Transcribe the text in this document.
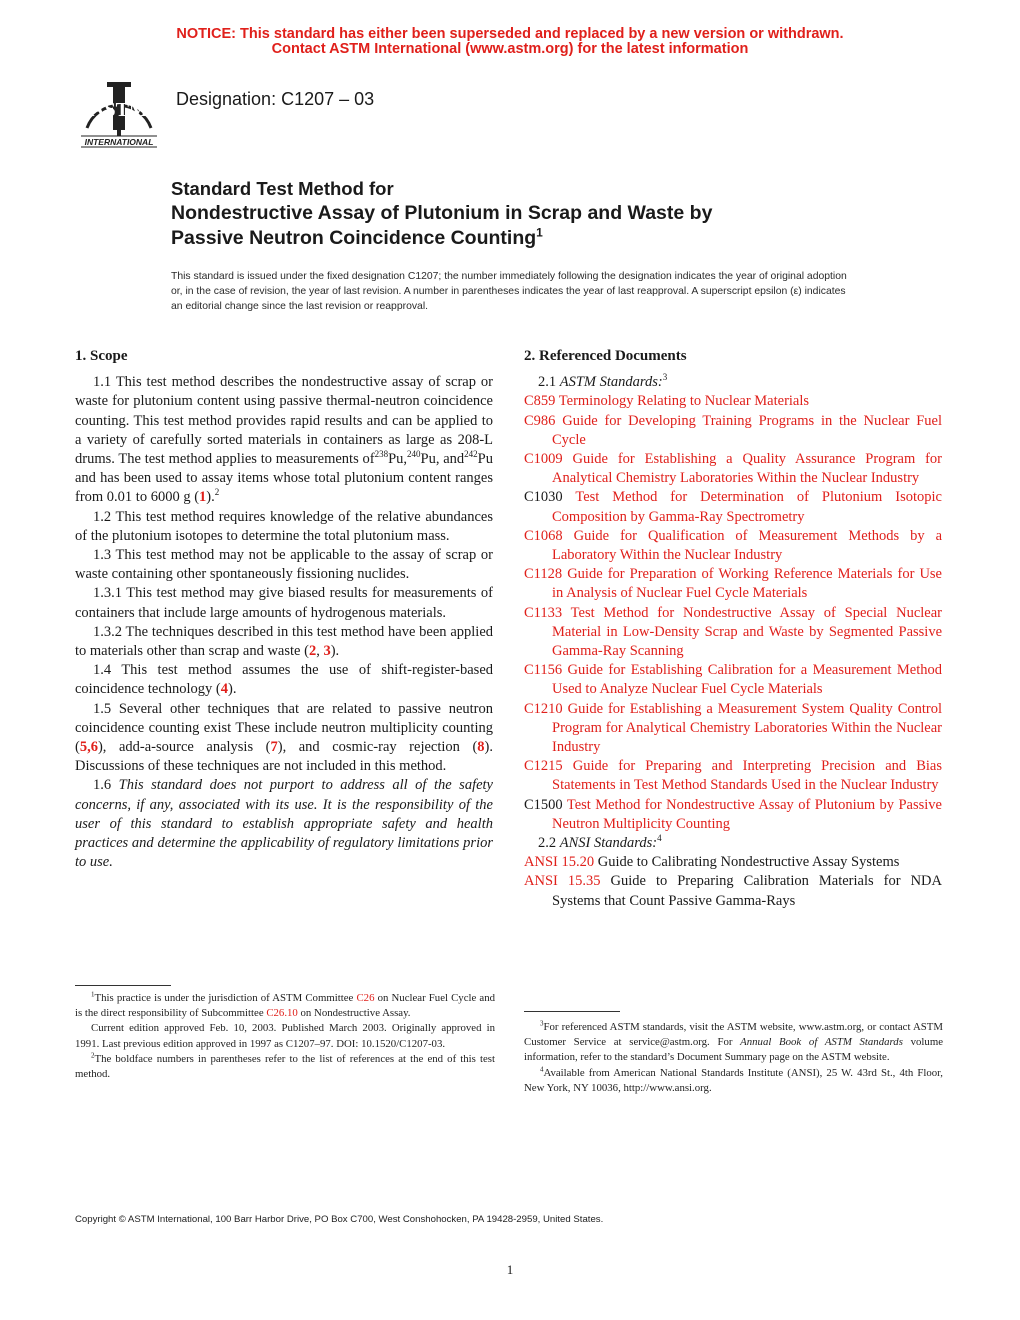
NOTICE: This standard has either been superseded and replaced by a new version or withdrawn.
Contact ASTM International (www.astm.org) for the latest information
ASTM
INTERNATIONAL
Designation: C1207 – 03
Standard Test Method for
Nondestructive Assay of Plutonium in Scrap and Waste by
Passive Neutron Coincidence Counting$^1$
This standard is issued under the fixed designation C1207; the number immediately following the designation indicates the year of original adoption or, in the case of revision, the year of last revision. A number in parentheses indicates the year of last reapproval. A superscript epsilon (ε) indicates an editorial change since the last revision or reapproval.
1. Scope

1.1 This test method describes the nondestructive assay of scrap or waste for plutonium content using passive thermal-neutron coincidence counting. This test method provides rapid results and can be applied to a variety of carefully sorted materials in containers as large as 208-L drums. The test method applies to measurements $of^{238}Pu,^{240}Pu$, and$^{242}$Pu and has been used to assay items whose total plutonium content ranges from 0.01 to 6000 g (1).$^2$

1.2 This test method requires knowledge of the relative abundances of the plutonium isotopes to determine the total plutonium mass.

1.3 This test method may not be applicable to the assay of scrap or waste containing other spontaneously fissioning nuclides.

1.3.1 This test method may give biased results for measurements of containers that include large amounts of hydrogenous materials.

1.3.2 The techniques described in this test method have been applied to materials other than scrap and waste (2, 3).

1.4 This test method assumes the use of shift-register-based coincidence technology (4).

1.5 Several other techniques that are related to passive neutron coincidence counting exist These include neutron multiplicity counting (5,6), add-a-source analysis (7), and cosmic-ray rejection (8). Discussions of these techniques are not included in this method.

1.6 This standard does not purport to address all of the safety concerns, if any, associated with its use. It is the responsibility of the user of this standard to establish appropriate safety and health practices and determine the applicability of regulatory limitations prior to use.

2. Referenced Documents

2.1 ASTM Standards:$^3$

C859 Terminology Relating to Nuclear Materials

C986 Guide for Developing Training Programs in the Nuclear Fuel Cycle

C1009 Guide for Establishing a Quality Assurance Program for Analytical Chemistry Laboratories Within the Nuclear Industry

C1030 Test Method for Determination of Plutonium Isotopic Composition by Gamma-Ray Spectrometry

C1068 Guide for Qualification of Measurement Methods by a Laboratory Within the Nuclear Industry

C1128 Guide for Preparation of Working Reference Materials for Use in Analysis of Nuclear Fuel Cycle Materials

C1133 Test Method for Nondestructive Assay of Special Nuclear Material in Low-Density Scrap and Waste by Segmented Passive Gamma-Ray Scanning

C1156 Guide for Establishing Calibration for a Measurement Method Used to Analyze Nuclear Fuel Cycle Materials

C1210 Guide for Establishing a Measurement System Quality Control Program for Analytical Chemistry Laboratories Within the Nuclear Industry

C1215 Guide for Preparing and Interpreting Precision and Bias Statements in Test Method Standards Used in the Nuclear Industry

C1500 Test Method for Nondestructive Assay of Plutonium by Passive Neutron Multiplicity Counting

2.2 ANSI Standards:$^4$

ANSI 15.20 Guide to Calibrating Nondestructive Assay Systems

ANSI 15.35 Guide to Preparing Calibration Materials for NDA Systems that Count Passive Gamma-Rays

$^1$This practice is under the jurisdiction of ASTM Committee C26 on Nuclear Fuel Cycle and is the direct responsibility of Subcommittee C26.10 on Nondestructive Assay.

Current edition approved Feb. 10, 2003. Published March 2003. Originally approved in 1991. Last previous edition approved in 1997 as C1207–97. DOI: 10.1520/C1207-03.

$^2$The boldface numbers in parentheses refer to the list of references at the end of this test method.

$^3$For referenced ASTM standards, visit the ASTM website, www.astm.org, or contact ASTM Customer Service at service@astm.org. For Annual Book of ASTM Standards volume information, refer to the standard’s Document Summary page on the ASTM website.

$^4$Available from American National Standards Institute (ANSI), 25 W. 43rd St., 4th Floor, New York, NY 10036, http://www.ansi.org.

Copyright © ASTM International, 100 Barr Harbor Drive, PO Box C700, West Conshohocken, PA 19428-2959, United States.
1
